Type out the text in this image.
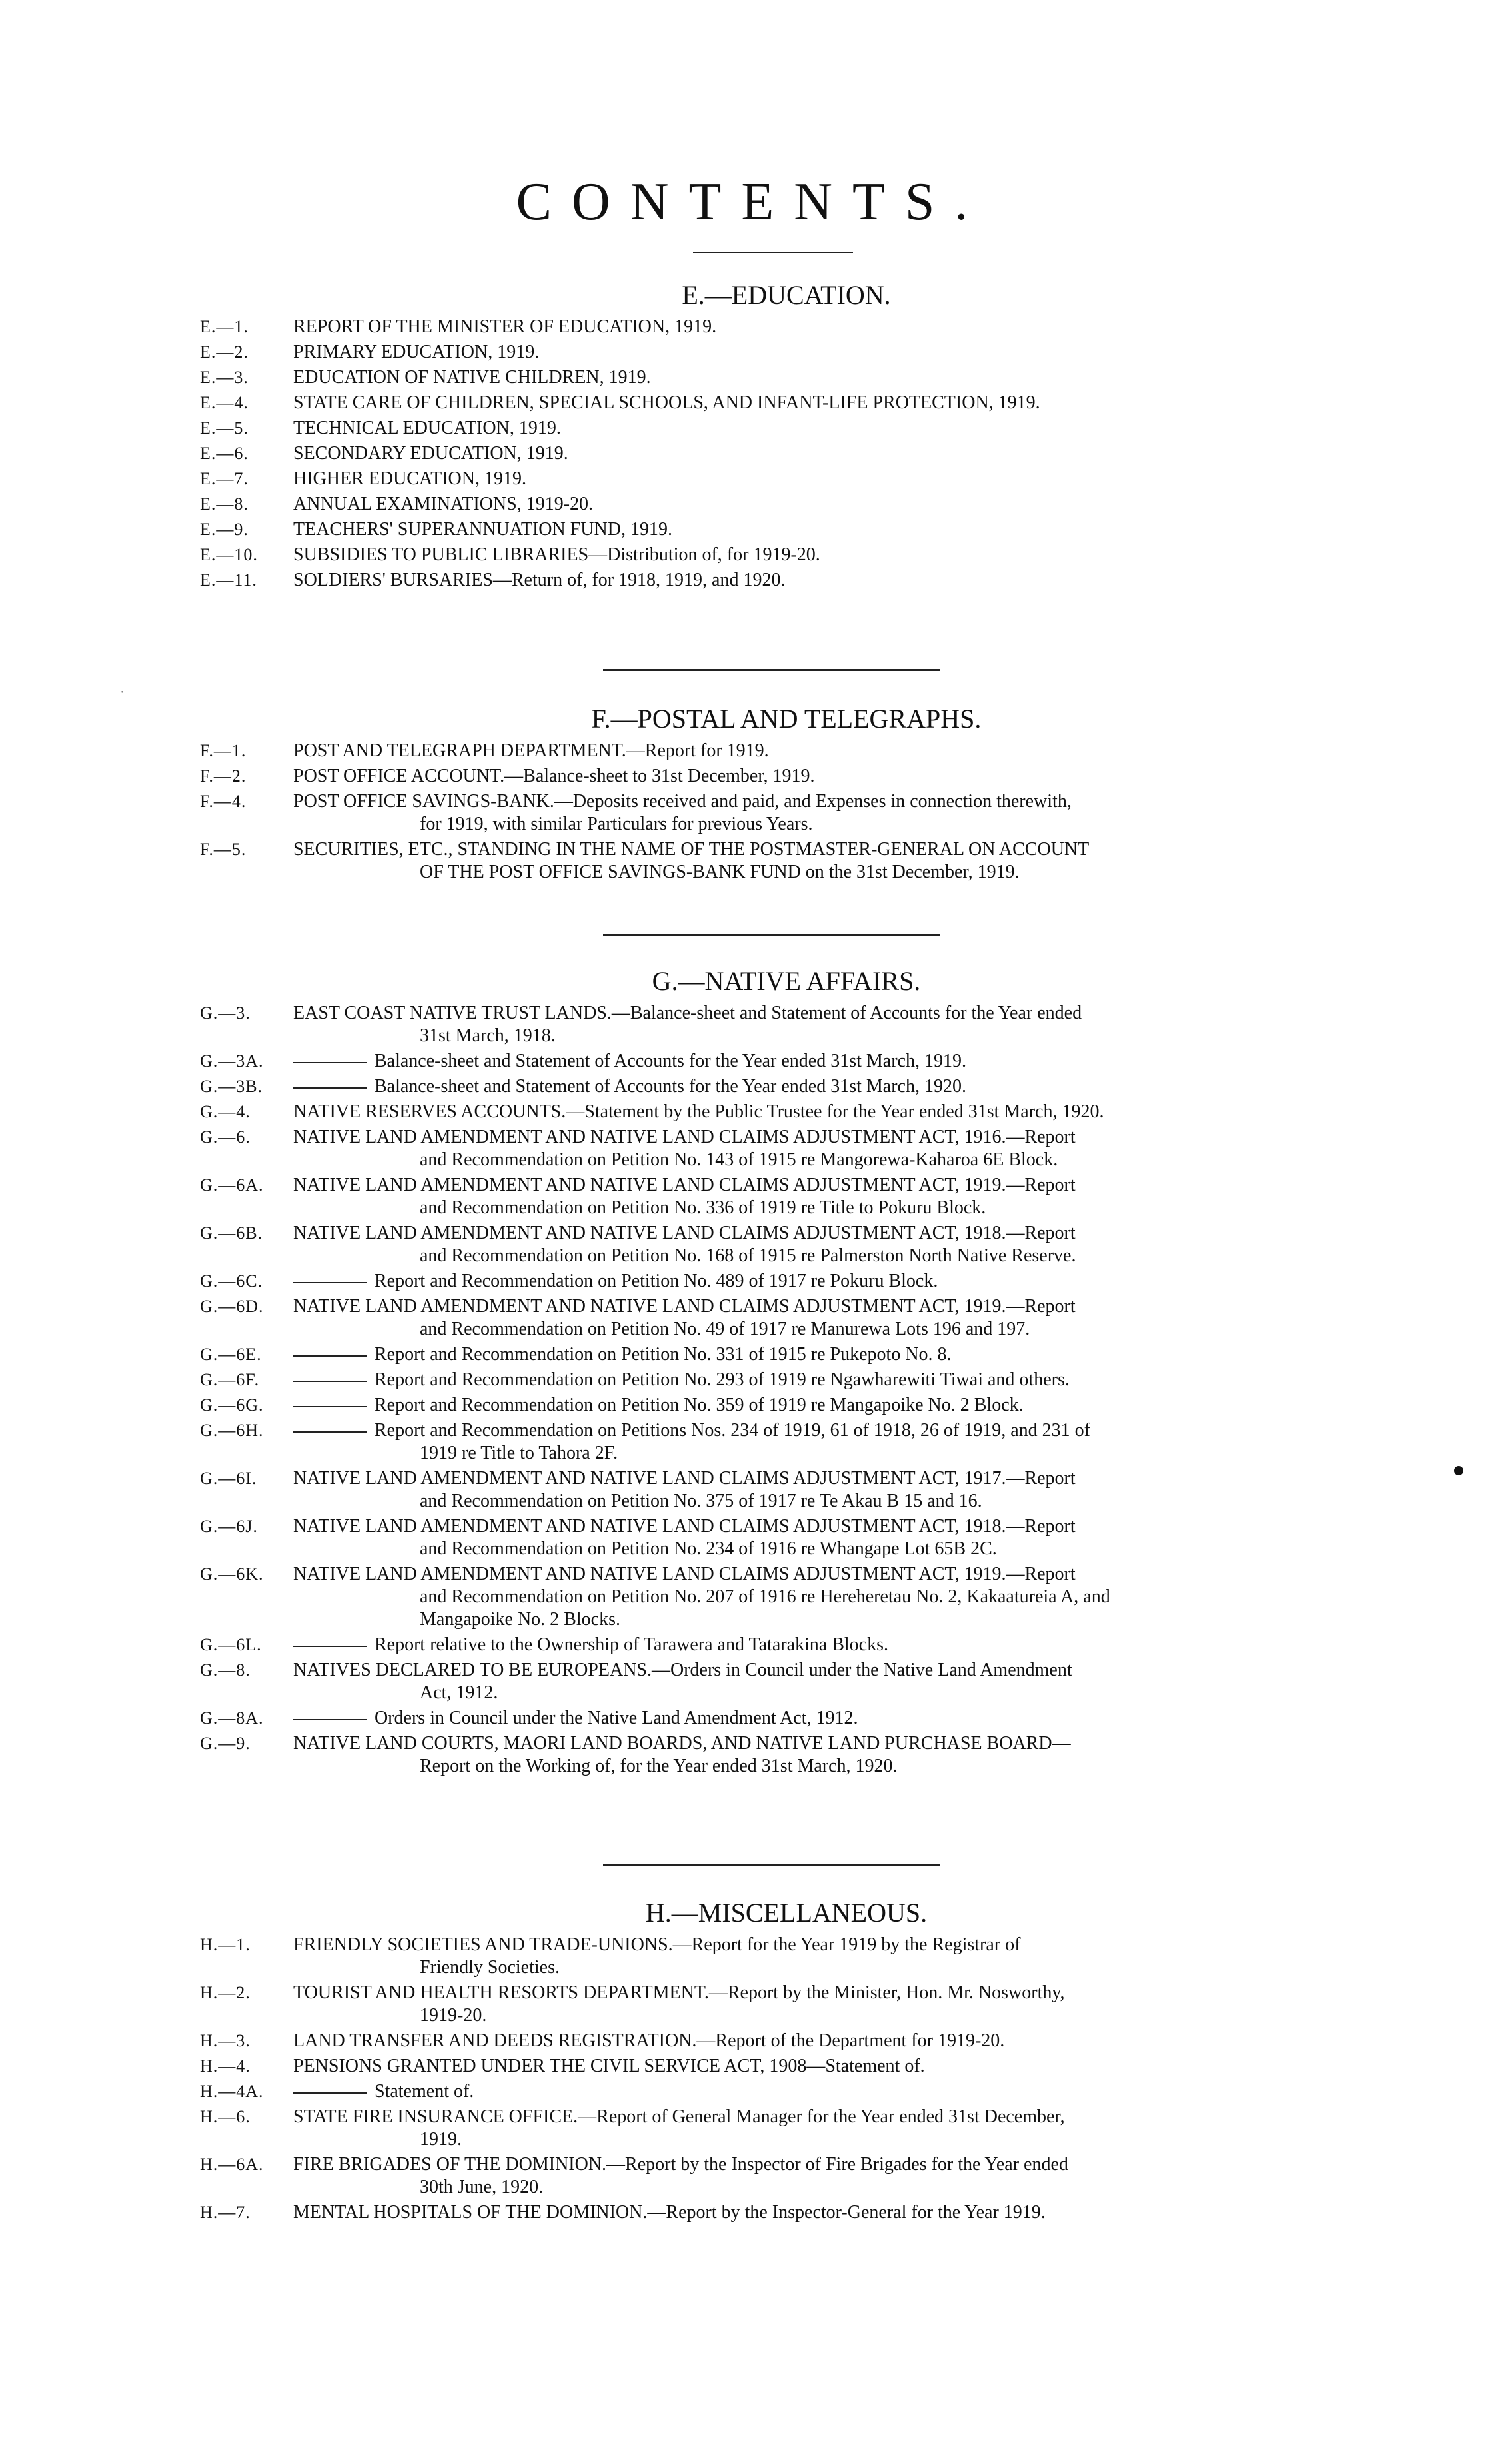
CONTENTS.
·
E.—EDUCATION.
E.—1.	REPORT OF THE MINISTER OF EDUCATION, 1919.
E.—2.	PRIMARY EDUCATION, 1919.
E.—3.	EDUCATION OF NATIVE CHILDREN, 1919.
E.—4.	STATE CARE OF CHILDREN, SPECIAL SCHOOLS, AND INFANT-LIFE PROTECTION, 1919.
E.—5.	TECHNICAL EDUCATION, 1919.
E.—6.	SECONDARY EDUCATION, 1919.
E.—7.	HIGHER EDUCATION, 1919.
E.—8.	ANNUAL EXAMINATIONS, 1919-20.
E.—9.	TEACHERS' SUPERANNUATION FUND, 1919.
E.—10.	SUBSIDIES TO PUBLIC LIBRARIES—Distribution of, for 1919-20.
E.—11.	SOLDIERS' BURSARIES—Return of, for 1918, 1919, and 1920.
F.—POSTAL AND TELEGRAPHS.
F.—1.	POST AND TELEGRAPH DEPARTMENT.—Report for 1919.
F.—2.	POST OFFICE ACCOUNT.—Balance-sheet to 31st December, 1919.
F.—4.	POST OFFICE SAVINGS-BANK.—Deposits received and paid, and Expenses in connection therewith,
for 1919, with similar Particulars for previous Years.
F.—5.	SECURITIES, ETC., STANDING IN THE NAME OF THE POSTMASTER-GENERAL ON ACCOUNT
OF THE POST OFFICE SAVINGS-BANK FUND on the 31st December, 1919.
G.—NATIVE AFFAIRS.
G.—3.	EAST COAST NATIVE TRUST LANDS.—Balance-sheet and Statement of Accounts for the Year ended
31st March, 1918.
G.—3A.	Balance-sheet and Statement of Accounts for the Year ended 31st March, 1919.
G.—3B.	Balance-sheet and Statement of Accounts for the Year ended 31st March, 1920.
G.—4.	NATIVE RESERVES ACCOUNTS.—Statement by the Public Trustee for the Year ended 31st March, 1920.
G.—6.	NATIVE LAND AMENDMENT AND NATIVE LAND CLAIMS ADJUSTMENT ACT, 1916.—Report
and Recommendation on Petition No. 143 of 1915 re Mangorewa-Kaharoa 6E Block.
G.—6A.	NATIVE LAND AMENDMENT AND NATIVE LAND CLAIMS ADJUSTMENT ACT, 1919.—Report
and Recommendation on Petition No. 336 of 1919 re Title to Pokuru Block.
G.—6B.	NATIVE LAND AMENDMENT AND NATIVE LAND CLAIMS ADJUSTMENT ACT, 1918.—Report
and Recommendation on Petition No. 168 of 1915 re Palmerston North Native Reserve.
G.—6C.	Report and Recommendation on Petition No. 489 of 1917 re Pokuru Block.
G.—6D.	NATIVE LAND AMENDMENT AND NATIVE LAND CLAIMS ADJUSTMENT ACT, 1919.—Report
and Recommendation on Petition No. 49 of 1917 re Manurewa Lots 196 and 197.
G.—6E.	Report and Recommendation on Petition No. 331 of 1915 re Pukepoto No. 8.
G.—6F.	Report and Recommendation on Petition No. 293 of 1919 re Ngawharewiti Tiwai and others.
G.—6G.	Report and Recommendation on Petition No. 359 of 1919 re Mangapoike No. 2 Block.
G.—6H.	Report and Recommendation on Petitions Nos. 234 of 1919, 61 of 1918, 26 of 1919, and 231 of
1919 re Title to Tahora 2F.
G.—6I.	NATIVE LAND AMENDMENT AND NATIVE LAND CLAIMS ADJUSTMENT ACT, 1917.—Report
and Recommendation on Petition No. 375 of 1917 re Te Akau B 15 and 16.
G.—6J.	NATIVE LAND AMENDMENT AND NATIVE LAND CLAIMS ADJUSTMENT ACT, 1918.—Report
and Recommendation on Petition No. 234 of 1916 re Whangape Lot 65B 2C.
G.—6K.	NATIVE LAND AMENDMENT AND NATIVE LAND CLAIMS ADJUSTMENT ACT, 1919.—Report
and Recommendation on Petition No. 207 of 1916 re Hereheretau No. 2, Kakaatureia A, and
Mangapoike No. 2 Blocks.
G.—6L.	Report relative to the Ownership of Tarawera and Tatarakina Blocks.
G.—8.	NATIVES DECLARED TO BE EUROPEANS.—Orders in Council under the Native Land Amendment
Act, 1912.
G.—8A.	Orders in Council under the Native Land Amendment Act, 1912.
G.—9.	NATIVE LAND COURTS, MAORI LAND BOARDS, AND NATIVE LAND PURCHASE BOARD—
Report on the Working of, for the Year ended 31st March, 1920.
H.—MISCELLANEOUS.
H.—1.	FRIENDLY SOCIETIES AND TRADE-UNIONS.—Report for the Year 1919 by the Registrar of
Friendly Societies.
H.—2.	TOURIST AND HEALTH RESORTS DEPARTMENT.—Report by the Minister, Hon. Mr. Nosworthy,
1919-20.
H.—3.	LAND TRANSFER AND DEEDS REGISTRATION.—Report of the Department for 1919-20.
H.—4.	PENSIONS GRANTED UNDER THE CIVIL SERVICE ACT, 1908—Statement of.
H.—4A.	Statement of.
H.—6.	STATE FIRE INSURANCE OFFICE.—Report of General Manager for the Year ended 31st December,
1919.
H.—6A.	FIRE BRIGADES OF THE DOMINION.—Report by the Inspector of Fire Brigades for the Year ended
30th June, 1920.
H.—7.	MENTAL HOSPITALS OF THE DOMINION.—Report by the Inspector-General for the Year 1919.
